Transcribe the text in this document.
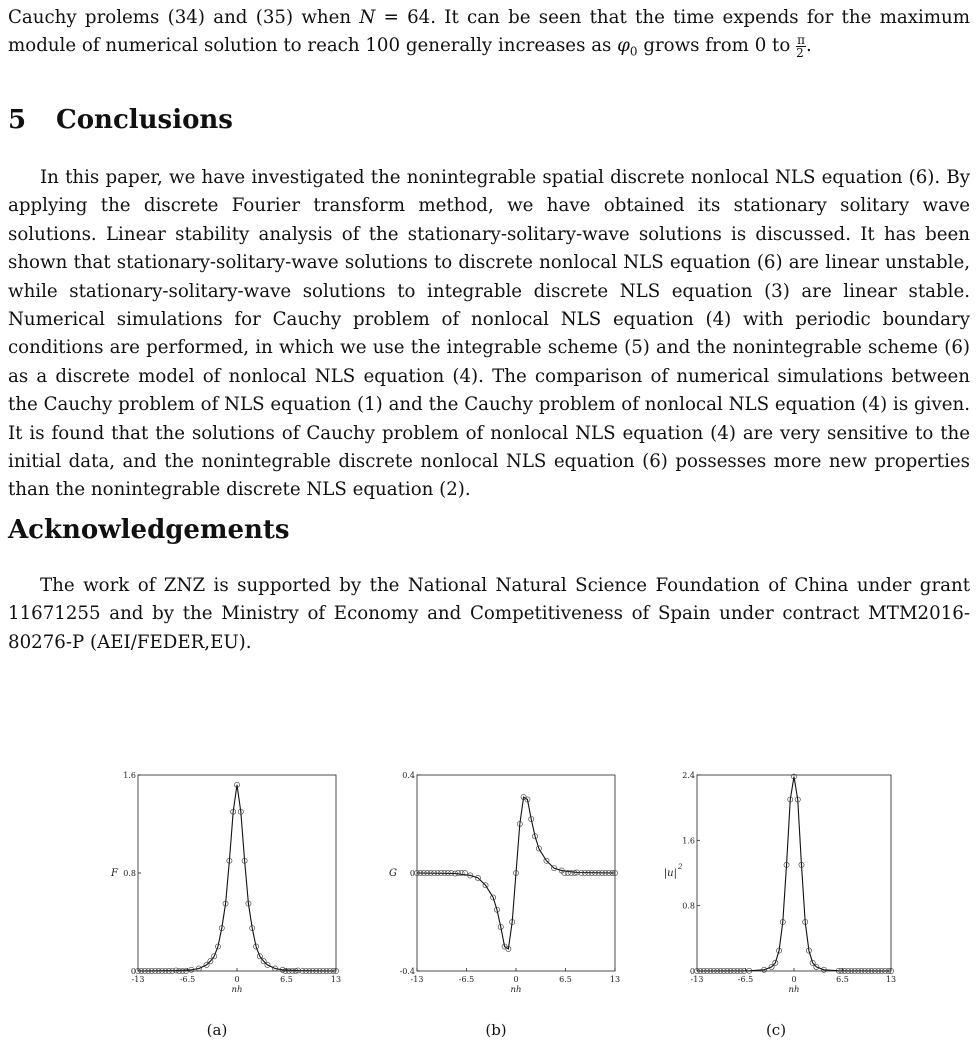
Cauchy prolems (34) and (35) when N = 64. It can be seen that the time expends for the maximum module of numerical solution to reach 100 generally increases as $\varphi_0$ grows from 0 to $\frac{\pi}{2}$ .

5 Conclusions

In this paper, we have investigated the nonintegrable spatial discrete nonlocal NLS equation (6). By applying the discrete Fourier transform method, we have obtained its stationary solitary wave solutions. Linear stability analysis of the stationary-solitary-wave solutions is discussed. It has been shown that stationary-solitary-wave solutions to discrete nonlocal NLS equation (6) are linear unstable, while stationary-solitary-wave solutions to integrable discrete NLS equation (3) are linear stable. Numerical simulations for Cauchy problem of nonlocal NLS equation (4) with periodic boundary conditions are performed, in which we use the integrable scheme (5) and the nonintegrable scheme (6) as a discrete model of nonlocal NLS equation (4). The comparison of numerical simulations between the Cauchy problem of NLS equation (1) and the Cauchy problem of nonlocal NLS equation (4) is given. It is found that the solutions of Cauchy problem of nonlocal NLS equation (4) are very sensitive to the initial data, and the nonintegrable discrete nonlocal NLS equation (6) possesses more new properties than the nonintegrable discrete NLS equation (2).

Acknowledgements

The work of ZNZ is supported by the National Natural Science Foundation of China under grant 11671255 and by the Ministry of Economy and Competitiveness of Spain under contract MTM2016-80276-P (AEI/FEDER,EU).

-13	-6.5	0	6.5	13
0
0.8
1.6
nh
F
(a)
-13	-6.5	0	6.5	13
-0.4
0
0.4
nh
G
(b)
-13	-6.5	0	6.5	13
0
0.8
1.6
2.4
nh
|u|
2
(c)
